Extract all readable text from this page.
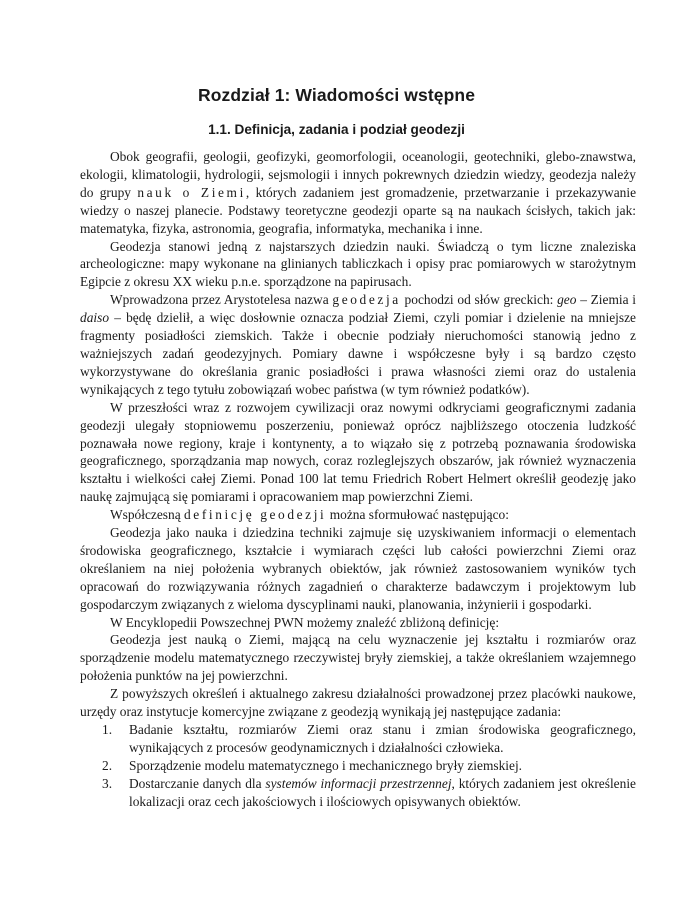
Rozdział 1: Wiadomości wstępne
1.1. Definicja, zadania i podział geodezji

Obok geografii, geologii, geofizyki, geomorfologii, oceanologii, geotechniki, glebo-znawstwa, ekologii, klimatologii, hydrologii, sejsmologii i innych pokrewnych dziedzin wiedzy, geodezja należy do grupy nauk o Ziemi, których zadaniem jest gromadzenie, przetwarzanie i przekazywanie wiedzy o naszej planecie. Podstawy teoretyczne geodezji oparte są na naukach ścisłych, takich jak: matematyka, fizyka, astronomia, geografia, informatyka, mechanika i inne.

Geodezja stanowi jedną z najstarszych dziedzin nauki. Świadczą o tym liczne znaleziska archeologiczne: mapy wykonane na glinianych tabliczkach i opisy prac pomiarowych w starożytnym Egipcie z okresu XX wieku p.n.e. sporządzone na papirusach.

Wprowadzona przez Arystotelesa nazwa geodezja pochodzi od słów greckich: geo – Ziemia i daiso – będę dzielił, a więc dosłownie oznacza podział Ziemi, czyli pomiar i dzielenie na mniejsze fragmenty posiadłości ziemskich. Także i obecnie podziały nieruchomości stanowią jedno z ważniejszych zadań geodezyjnych. Pomiary dawne i współczesne były i są bardzo często wykorzystywane do określania granic posiadłości i prawa własności ziemi oraz do ustalenia wynikających z tego tytułu zobowiązań wobec państwa (w tym również podatków).

W przeszłości wraz z rozwojem cywilizacji oraz nowymi odkryciami geograficznymi zadania geodezji ulegały stopniowemu poszerzeniu, ponieważ oprócz najbliższego otoczenia ludzkość poznawała nowe regiony, kraje i kontynenty, a to wiązało się z potrzebą poznawania środowiska geograficznego, sporządzania map nowych, coraz rozleglejszych obszarów, jak również wyznaczenia kształtu i wielkości całej Ziemi. Ponad 100 lat temu Friedrich Robert Helmert określił geodezję jako naukę zajmującą się pomiarami i opracowaniem map powierzchni Ziemi.

Współczesną definicję geodezji można sformułować następująco:

Geodezja jako nauka i dziedzina techniki zajmuje się uzyskiwaniem informacji o elementach środowiska geograficznego, kształcie i wymiarach części lub całości powierzchni Ziemi oraz określaniem na niej położenia wybranych obiektów, jak również zastosowaniem wyników tych opracowań do rozwiązywania różnych zagadnień o charakterze badawczym i projektowym lub gospodarczym związanych z wieloma dyscyplinami nauki, planowania, inżynierii i gospodarki.

W Encyklopedii Powszechnej PWN możemy znaleźć zbliżoną definicję:

Geodezja jest nauką o Ziemi, mającą na celu wyznaczenie jej kształtu i rozmiarów oraz sporządzenie modelu matematycznego rzeczywistej bryły ziemskiej, a także określaniem wzajemnego położenia punktów na jej powierzchni.

Z powyższych określeń i aktualnego zakresu działalności prowadzonej przez placówki naukowe, urzędy oraz instytucje komercyjne związane z geodezją wynikają jej następujące zadania:

1. Badanie kształtu, rozmiarów Ziemi oraz stanu i zmian środowiska geograficznego, wynikających z procesów geodynamicznych i działalności człowieka.
2. Sporządzenie modelu matematycznego i mechanicznego bryły ziemskiej.
3. Dostarczanie danych dla systemów informacji przestrzennej, których zadaniem jest określenie lokalizacji oraz cech jakościowych i ilościowych opisywanych obiektów.
